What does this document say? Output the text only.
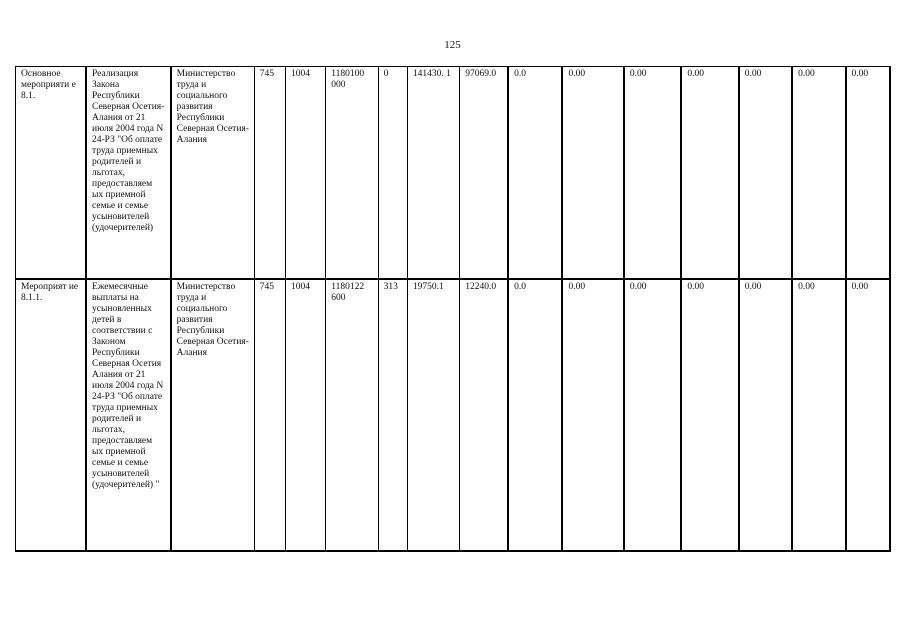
125
Основное мероприяти е 8.1.	Реализация Закона Республики Северная Осетия-Алания от 21 июля 2004 года N 24-РЗ "Об оплате труда приемных родителей и льготах, предоставляем ых приемной семье и семье усыновителей (удочерителей)	Министерство труда и социального развития Республики Северная Осетия-Алания	745	1004	1180100 000	0	141430. 1	97069.0	0.0	0.00	0.00	0.00	0.00	0.00	0.00
Мероприят ие 8.1.1.	Ежемесячные выплаты на усыновленных детей в соответствии с Законом Республики Северная Осетия Алания от 21 июля 2004 года N 24-РЗ "Об оплате труда приемных родителей и льготах, предоставляем ых приемной семье и семье усыновителей (удочерителей) "	Министерство труда и социального развития Республики Северная Осетия-Алания	745	1004	1180122 600	313	19750.1	12240.0	0.0	0.00	0.00	0.00	0.00	0.00	0.00
